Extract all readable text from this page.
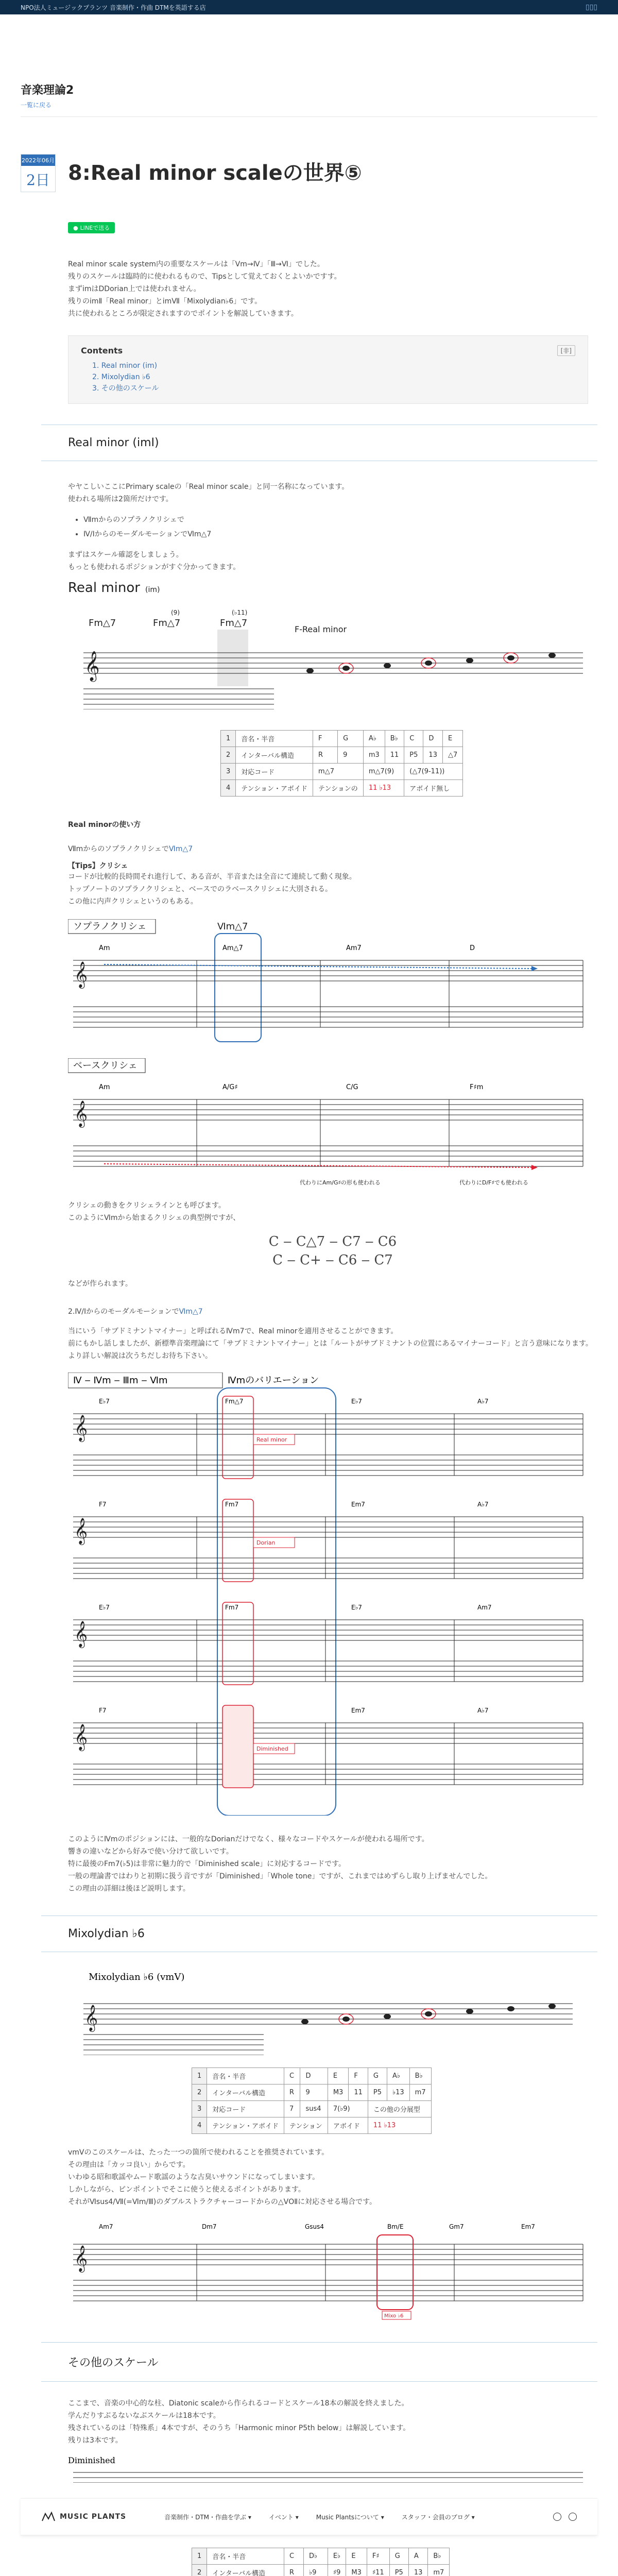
NPO法人ミュージックプランツ 音楽制作・作曲 DTMを英語する店	▯▯▯
音楽理論2
一覧に戻る
2022年06月
2日 8:Real minor scaleの世界⑤
● LINEで送る

Real minor scale system内の重要なスケールは「Vm→Ⅳ」「Ⅲ→Ⅵ」でした。

残りのスケールは臨時的に使われるもので、Tipsとして覚えておくとよいかですす。

まずⅰmはDDorian上では使われません。

残りのⅰmⅡ「Real minor」とⅰmⅦ「Mixolydian♭6」です。

共に使われるところが限定されますのでポイントを解説していきます。

Contents	[非]
1. Real minor (ⅰm)
2. Mixolydian ♭6
3. その他のスケール
Real minor (ⅰmI)

やヤこしいここにPrimary scaleの「Real minor scale」と同一名称になっています。

使われる場所は2箇所だけです。

• Ⅶmからのソプラノクリシェで
• Ⅳ/ⅠからのモーダルモーションでⅥm△7

まずはスケール確認をしましょう。

もっとも使われるポジションがすぐ分かってきます。

Real minor (ⅰm)
Fm△7	Fm△7	Fm△7
(9)	(♭11)
F-Real minor
𝄞
1	音名・半音	F	G	A♭	B♭	C	D	E
2	インターバル構造	R	9	m3	11	P5	13	△7
3	対応コード	m△7		m△7(9)		(△7(9‑11))		
4	テンション・アボイド	テンションの		11 ♭13		アボイド無し		
Real minorの使い方

ⅦmからのソプラノクリシェでⅥm△7

【Tips】クリシェ

コードが比較的長時間それ進行して、ある音が、半音または全音にて連続して動く現象。

トップノートのソプラノクリシェと、ベースでのラベースクリシェに大別される。

この他に内声クリシェというのもある。

ソプラノクリシェ	Ⅵm△7
Am	Am△7	Am7	D
𝄞
ベースクリシェ
Am	A/G♯	C/G	F♯m
𝄞
代わりにAm/G♯の形も使われる	代わりにD/F♯でも使われる

クリシェの動きをクリシェラインとも呼びます。

このようにⅥmから始まるクリシェの典型例ですが、

C ‒ C△7 ‒ C7 ‒ C6
C ‒ C+ ‒ C6 ‒ C7

などが作られます。

2.Ⅳ/ⅠからのモーダルモーションでⅥm△7

当にいう「サブドミナントマイナー」と呼ばれるⅣm7で、Real minorを適用させることができます。

前にもかし話しましたが、新標準音楽理論にて「サブドミナントマイナー」とは「ルートがサブドミナントの位置にあるマイナーコード」と言う意味になります。

より詳しい解説は次うちだしお待ち下さい。

Ⅳ ‒ Ⅳm ‒ Ⅲm ‒ Ⅵm	Ⅳmのバリエーション
E♭7	Fm△7	E♭7	A♭7
𝄞	Real minor
F7	Fm7	Em7	A♭7
𝄞	Dorian
E♭7	Fm7	E♭7	Am7
𝄞
F7	Em7	A♭7
𝄞	Diminished

このようにⅣmのポジションには、一般的なDorianだけでなく、様々なコードやスケールが使われる場所です。

響きの違いなどから好みで使い分けて欲しいです。

特に最後のFm7(♭5)は非常に魅力的で「Diminished scale」に対応するコードです。

一般の理論書ではわりと初期に扱う音ですが「Diminished」「Whole tone」ですが、これまではめずらし取り上げませんでした。

この理由の詳細は後ほど説明します。

Mixolydian ♭6
Mixolydian ♭6 (ⅴmV)
𝄞
1	音名・半音	C	D	E	F	G	A♭	B♭
2	インターバル構造	R	9	M3	11	P5	♭13	m7
3	対応コード	7	sus4	7(♭9)		この他の分展型		
4	テンション・アボイド	テンション		アボイド		11 ♭13		

ⅴmⅤのこのスケールは、たった一つの箇所で使われることを推奨されています。

その理由は「カッコ良い」からです。

いわゆる昭和歌謡やムード歌謡のような古臭いサウンドになってしまいます。

しかしながら、ピンポイントでそこに使うと使えるポイントがあります。

それがⅥsus4/Ⅶ(=Ⅵm/Ⅲ)のダブルストラクチャーコードからの△ⅤOⅡに対応させる場合です。

Am7	Dm7	Gsus4	Bm/E	Gm7	Em7
𝄞
Mixo ♭6
その他のスケール

ここまで、音楽の中心的な柱、Diatonic scaleから作られるコードとスケール18本の解説を終えました。

学んだりすぶるないなぶスケールは18本です。

残されているのは「特殊系」4本ですが、そのうち「Harmonic minor P5th below」は解説しています。

残りは3本です。

Diminished
MUSIC PLANTS	音楽制作・DTM・作曲を学ぶ ▾	イベント ▾	Music Plantsについて ▾	スタッフ・会員のブログ ▾
1	音名・半音	C	D♭	E♭	E	F♯	G	A	B♭
2	インターバル構造	R	♭9	♯9	M3	♯11	P5	13	m7
